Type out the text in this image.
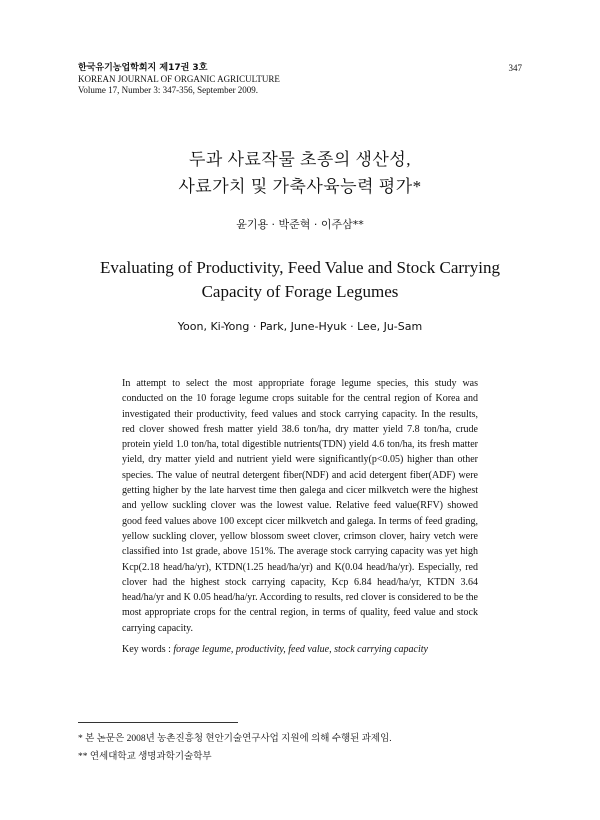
한국유기농업학회지 제17권 3호
KOREAN JOURNAL OF ORGANIC AGRICULTURE
Volume 17, Number 3: 347-356, September 2009.
347
두과 사료작물 초종의 생산성,
사료가치 및 가축사육능력 평가*
윤기용 · 박준혁 · 이주삼**
Evaluating of Productivity, Feed Value and Stock Carrying
Capacity of Forage Legumes
Yoon, Ki-Yong · Park, June-Hyuk · Lee, Ju-Sam

In attempt to select the most appropriate forage legume species, this study was conducted on the 10 forage legume crops suitable for the central region of Korea and investigated their productivity, feed values and stock carrying capacity. In the results, red clover showed fresh matter yield 38.6 ton/ha, dry matter yield 7.8 ton/ha, crude protein yield 1.0 ton/ha, total digestible nutrients(TDN) yield 4.6 ton/ha, its fresh matter yield, dry matter yield and nutrient yield were significantly(p<0.05) higher than other species. The value of neutral detergent fiber(NDF) and acid detergent fiber(ADF) were getting higher by the late harvest time then galega and cicer milkvetch were the highest and yellow suckling clover was the lowest value. Relative feed value(RFV) showed good feed values above 100 except cicer milkvetch and galega. In terms of feed grading, yellow suckling clover, yellow blossom sweet clover, crimson clover, hairy vetch were classified into 1st grade, above 151%. The average stock carrying capacity was yet high Kcp(2.18 head/ha/yr), KTDN(1.25 head/ha/yr) and K(0.04 head/ha/yr). Especially, red clover had the highest stock carrying capacity, Kcp 6.84 head/ha/yr, KTDN 3.64 head/ha/yr and K 0.05 head/ha/yr. According to results, red clover is considered to be the most appropriate crops for the central region, in terms of quality, feed value and stock carrying capacity.

Key words : forage legume, productivity, feed value, stock carrying capacity
* 본 논문은 2008년 농촌진흥청 현안기술연구사업 지원에 의해 수행된 과제임.
** 연세대학교 생명과학기술학부
